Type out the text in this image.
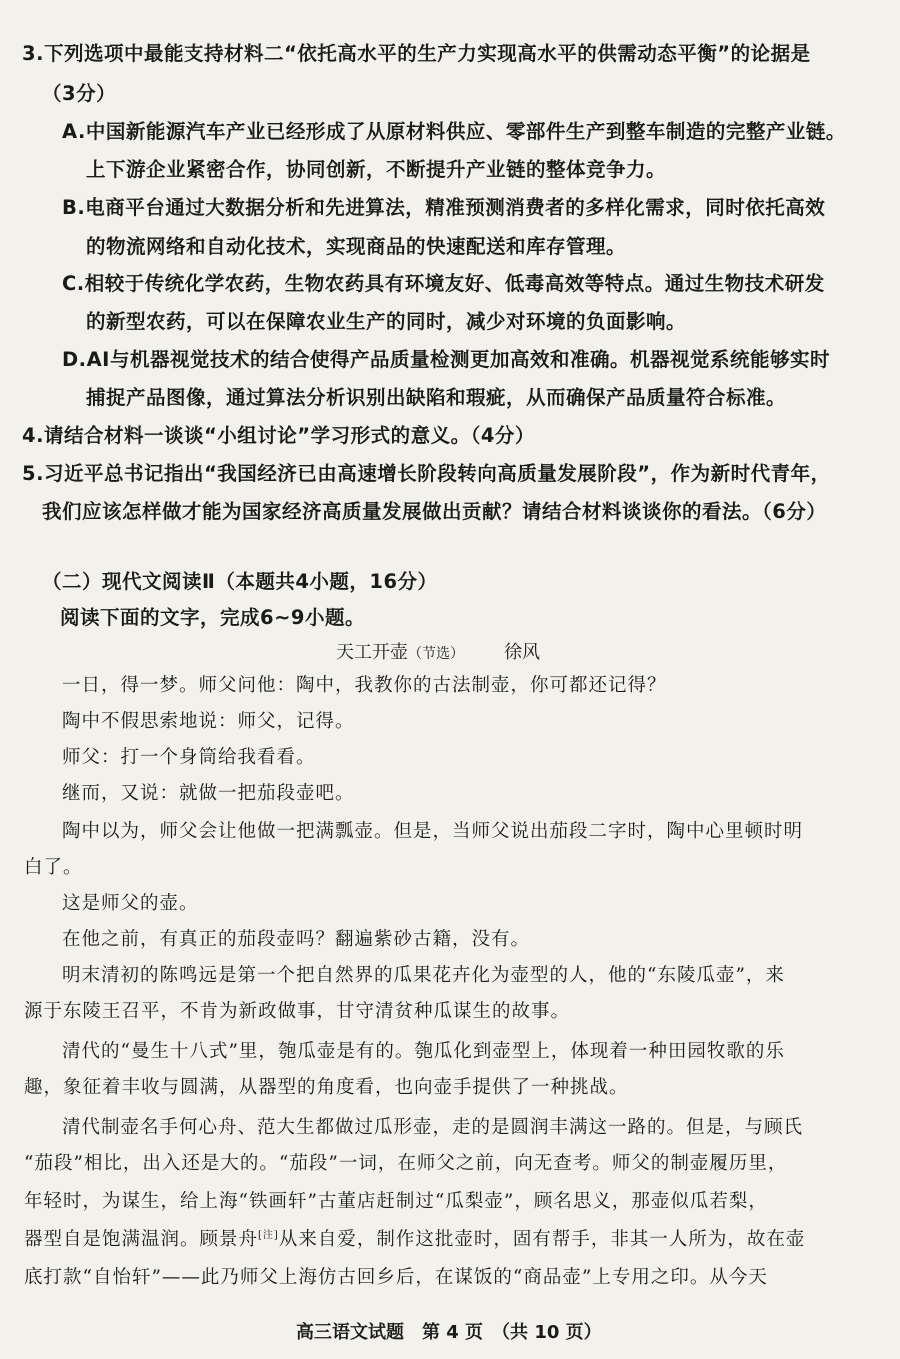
3.下列选项中最能支持材料二“依托高水平的生产力实现高水平的供需动态平衡”的论据是
（3分）
A.中国新能源汽车产业已经形成了从原材料供应、零部件生产到整车制造的完整产业链。
上下游企业紧密合作，协同创新，不断提升产业链的整体竞争力。
B.电商平台通过大数据分析和先进算法，精准预测消费者的多样化需求，同时依托高效
的物流网络和自动化技术，实现商品的快速配送和库存管理。
C.相较于传统化学农药，生物农药具有环境友好、低毒高效等特点。通过生物技术研发
的新型农药，可以在保障农业生产的同时，减少对环境的负面影响。
D.AI与机器视觉技术的结合使得产品质量检测更加高效和准确。机器视觉系统能够实时
捕捉产品图像，通过算法分析识别出缺陷和瑕疵，从而确保产品质量符合标准。
4.请结合材料一谈谈“小组讨论”学习形式的意义。（4分）
5.习近平总书记指出“我国经济已由高速增长阶段转向高质量发展阶段”，作为新时代青年，
我们应该怎样做才能为国家经济高质量发展做出贡献？请结合材料谈谈你的看法。（6分）
（二）现代文阅读Ⅱ（本题共4小题，16分）
阅读下面的文字，完成6~9小题。
天工开壶（节选） 徐风
一日，得一梦。师父问他：陶中，我教你的古法制壶，你可都还记得？
陶中不假思索地说：师父，记得。
师父：打一个身筒给我看看。
继而，又说：就做一把茄段壶吧。
陶中以为，师父会让他做一把满瓢壶。但是，当师父说出茄段二字时，陶中心里顿时明
白了。
这是师父的壶。
在他之前，有真正的茄段壶吗？翻遍紫砂古籍，没有。
明末清初的陈鸣远是第一个把自然界的瓜果花卉化为壶型的人，他的“东陵瓜壶”，来
源于东陵王召平，不肯为新政做事，甘守清贫种瓜谋生的故事。
清代的“曼生十八式”里，匏瓜壶是有的。匏瓜化到壶型上，体现着一种田园牧歌的乐
趣，象征着丰收与圆满，从器型的角度看，也向壶手提供了一种挑战。
清代制壶名手何心舟、范大生都做过瓜形壶，走的是圆润丰满这一路的。但是，与顾氏
“茄段”相比，出入还是大的。“茄段”一词，在师父之前，向无查考。师父的制壶履历里，
年轻时，为谋生，给上海“铁画轩”古董店赶制过“瓜梨壶”，顾名思义，那壶似瓜若梨，
器型自是饱满温润。顾景舟[注]从来自爱，制作这批壶时，固有帮手，非其一人所为，故在壶
底打款“自怡轩”——此乃师父上海仿古回乡后，在谋饭的“商品壶”上专用之印。从今天
高三语文试题　第 4 页　（共 10 页）
